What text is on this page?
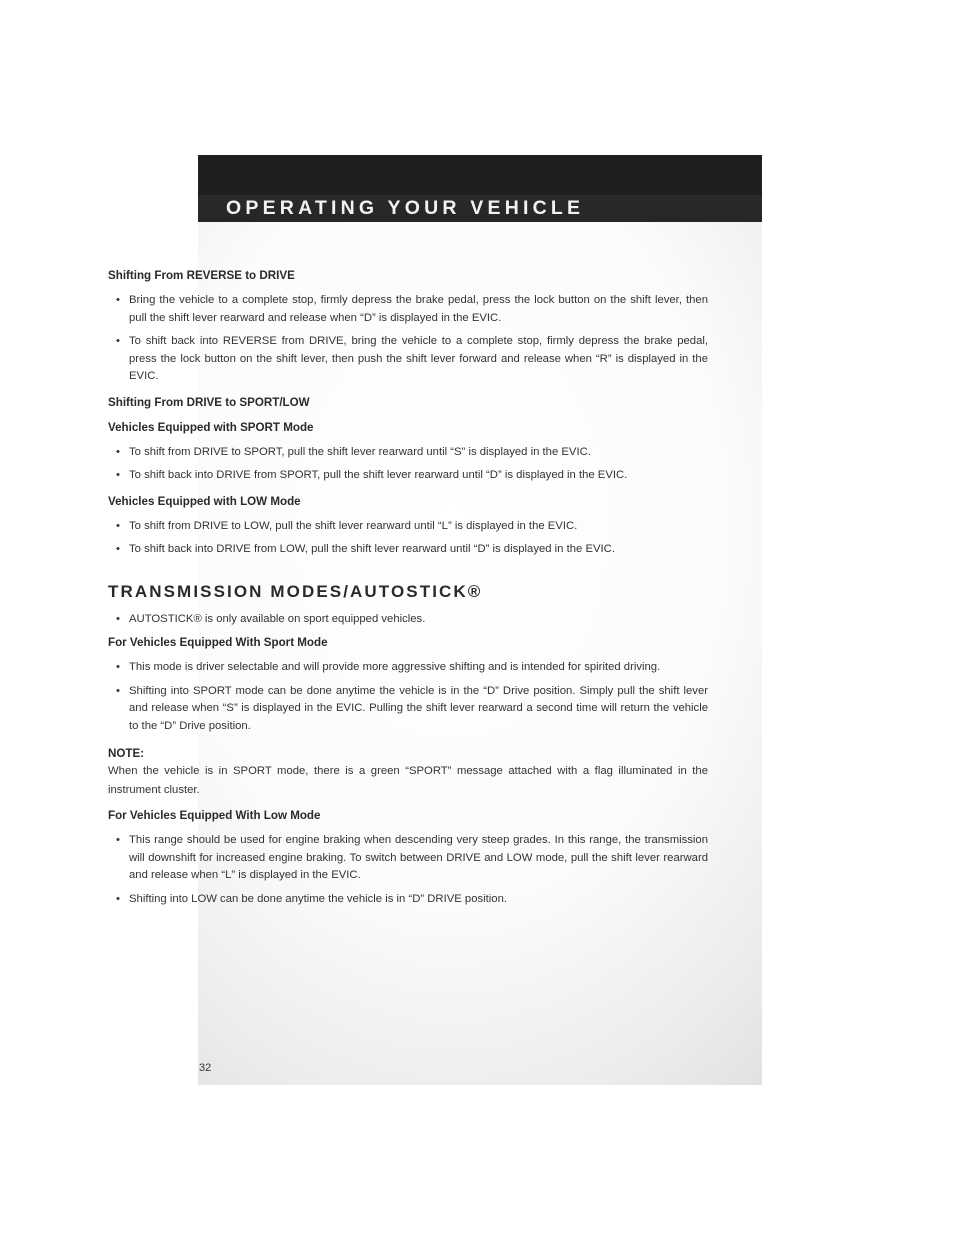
OPERATING YOUR VEHICLE

Shifting From REVERSE to DRIVE

• Bring the vehicle to a complete stop, firmly depress the brake pedal, press the lock button on the shift lever, then pull the shift lever rearward and release when “D” is displayed in the EVIC.

• To shift back into REVERSE from DRIVE, bring the vehicle to a complete stop, firmly depress the brake pedal, press the lock button on the shift lever, then push the shift lever forward and release when “R” is displayed in the EVIC.

Shifting From DRIVE to SPORT/LOW

Vehicles Equipped with SPORT Mode

• To shift from DRIVE to SPORT, pull the shift lever rearward until “S” is displayed in the EVIC.

• To shift back into DRIVE from SPORT, pull the shift lever rearward until “D” is displayed in the EVIC.

Vehicles Equipped with LOW Mode

• To shift from DRIVE to LOW, pull the shift lever rearward until “L” is displayed in the EVIC.

• To shift back into DRIVE from LOW, pull the shift lever rearward until “D” is displayed in the EVIC.

TRANSMISSION MODES/AUTOSTICK®

• AUTOSTICK® is only available on sport equipped vehicles.

For Vehicles Equipped With Sport Mode

• This mode is driver selectable and will provide more aggressive shifting and is intended for spirited driving.

• Shifting into SPORT mode can be done anytime the vehicle is in the “D” Drive position. Simply pull the shift lever and release when “S” is displayed in the EVIC. Pulling the shift lever rearward a second time will return the vehicle to the “D” Drive position.

NOTE:

When the vehicle is in SPORT mode, there is a green “SPORT” message attached with a flag illuminated in the instrument cluster.

For Vehicles Equipped With Low Mode

• This range should be used for engine braking when descending very steep grades. In this range, the transmission will downshift for increased engine braking. To switch between DRIVE and LOW mode, pull the shift lever rearward and release when “L” is displayed in the EVIC.

• Shifting into LOW can be done anytime the vehicle is in “D” DRIVE position.

32
